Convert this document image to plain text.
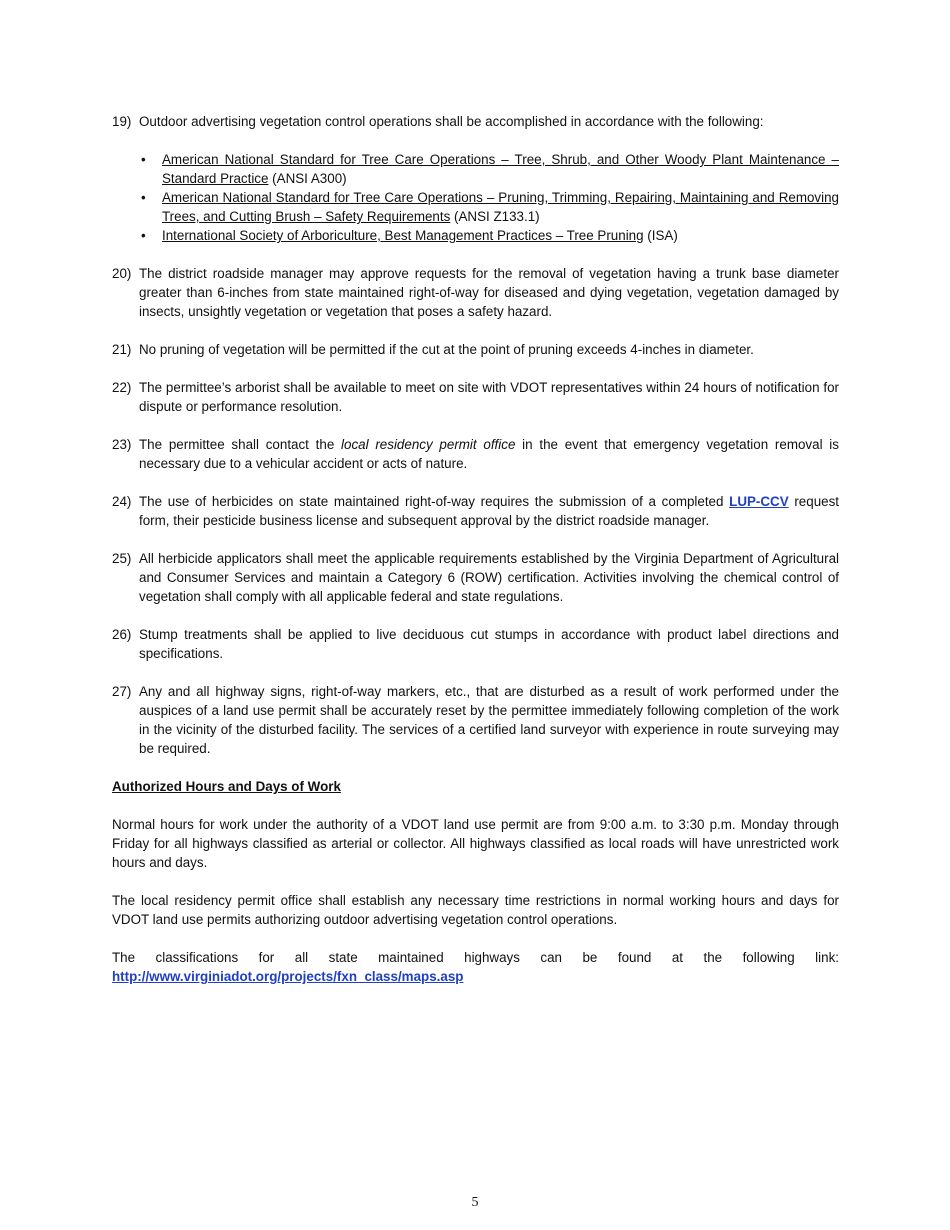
19) Outdoor advertising vegetation control operations shall be accomplished in accordance with the following:
• American National Standard for Tree Care Operations – Tree, Shrub, and Other Woody Plant Maintenance – Standard Practice (ANSI A300)
• American National Standard for Tree Care Operations – Pruning, Trimming, Repairing, Maintaining and Removing Trees, and Cutting Brush – Safety Requirements (ANSI Z133.1)
• International Society of Arboriculture, Best Management Practices – Tree Pruning (ISA)
20) The district roadside manager may approve requests for the removal of vegetation having a trunk base diameter greater than 6-inches from state maintained right-of-way for diseased and dying vegetation, vegetation damaged by insects, unsightly vegetation or vegetation that poses a safety hazard.
21) No pruning of vegetation will be permitted if the cut at the point of pruning exceeds 4-inches in diameter.
22) The permittee’s arborist shall be available to meet on site with VDOT representatives within 24 hours of notification for dispute or performance resolution.
23) The permittee shall contact the local residency permit office in the event that emergency vegetation removal is necessary due to a vehicular accident or acts of nature.
24) The use of herbicides on state maintained right-of-way requires the submission of a completed LUP-CCV request form, their pesticide business license and subsequent approval by the district roadside manager.
25) All herbicide applicators shall meet the applicable requirements established by the Virginia Department of Agricultural and Consumer Services and maintain a Category 6 (ROW) certification. Activities involving the chemical control of vegetation shall comply with all applicable federal and state regulations.
26) Stump treatments shall be applied to live deciduous cut stumps in accordance with product label directions and specifications.
27) Any and all highway signs, right-of-way markers, etc., that are disturbed as a result of work performed under the auspices of a land use permit shall be accurately reset by the permittee immediately following completion of the work in the vicinity of the disturbed facility. The services of a certified land surveyor with experience in route surveying may be required.
Authorized Hours and Days of Work

Normal hours for work under the authority of a VDOT land use permit are from 9:00 a.m. to 3:30 p.m. Monday through Friday for all highways classified as arterial or collector. All highways classified as local roads will have unrestricted work hours and days.

The local residency permit office shall establish any necessary time restrictions in normal working hours and days for VDOT land use permits authorizing outdoor advertising vegetation control operations.

The classifications for all state maintained highways can be found at the following link:
http://www.virginiadot.org/projects/fxn_class/maps.asp

5
